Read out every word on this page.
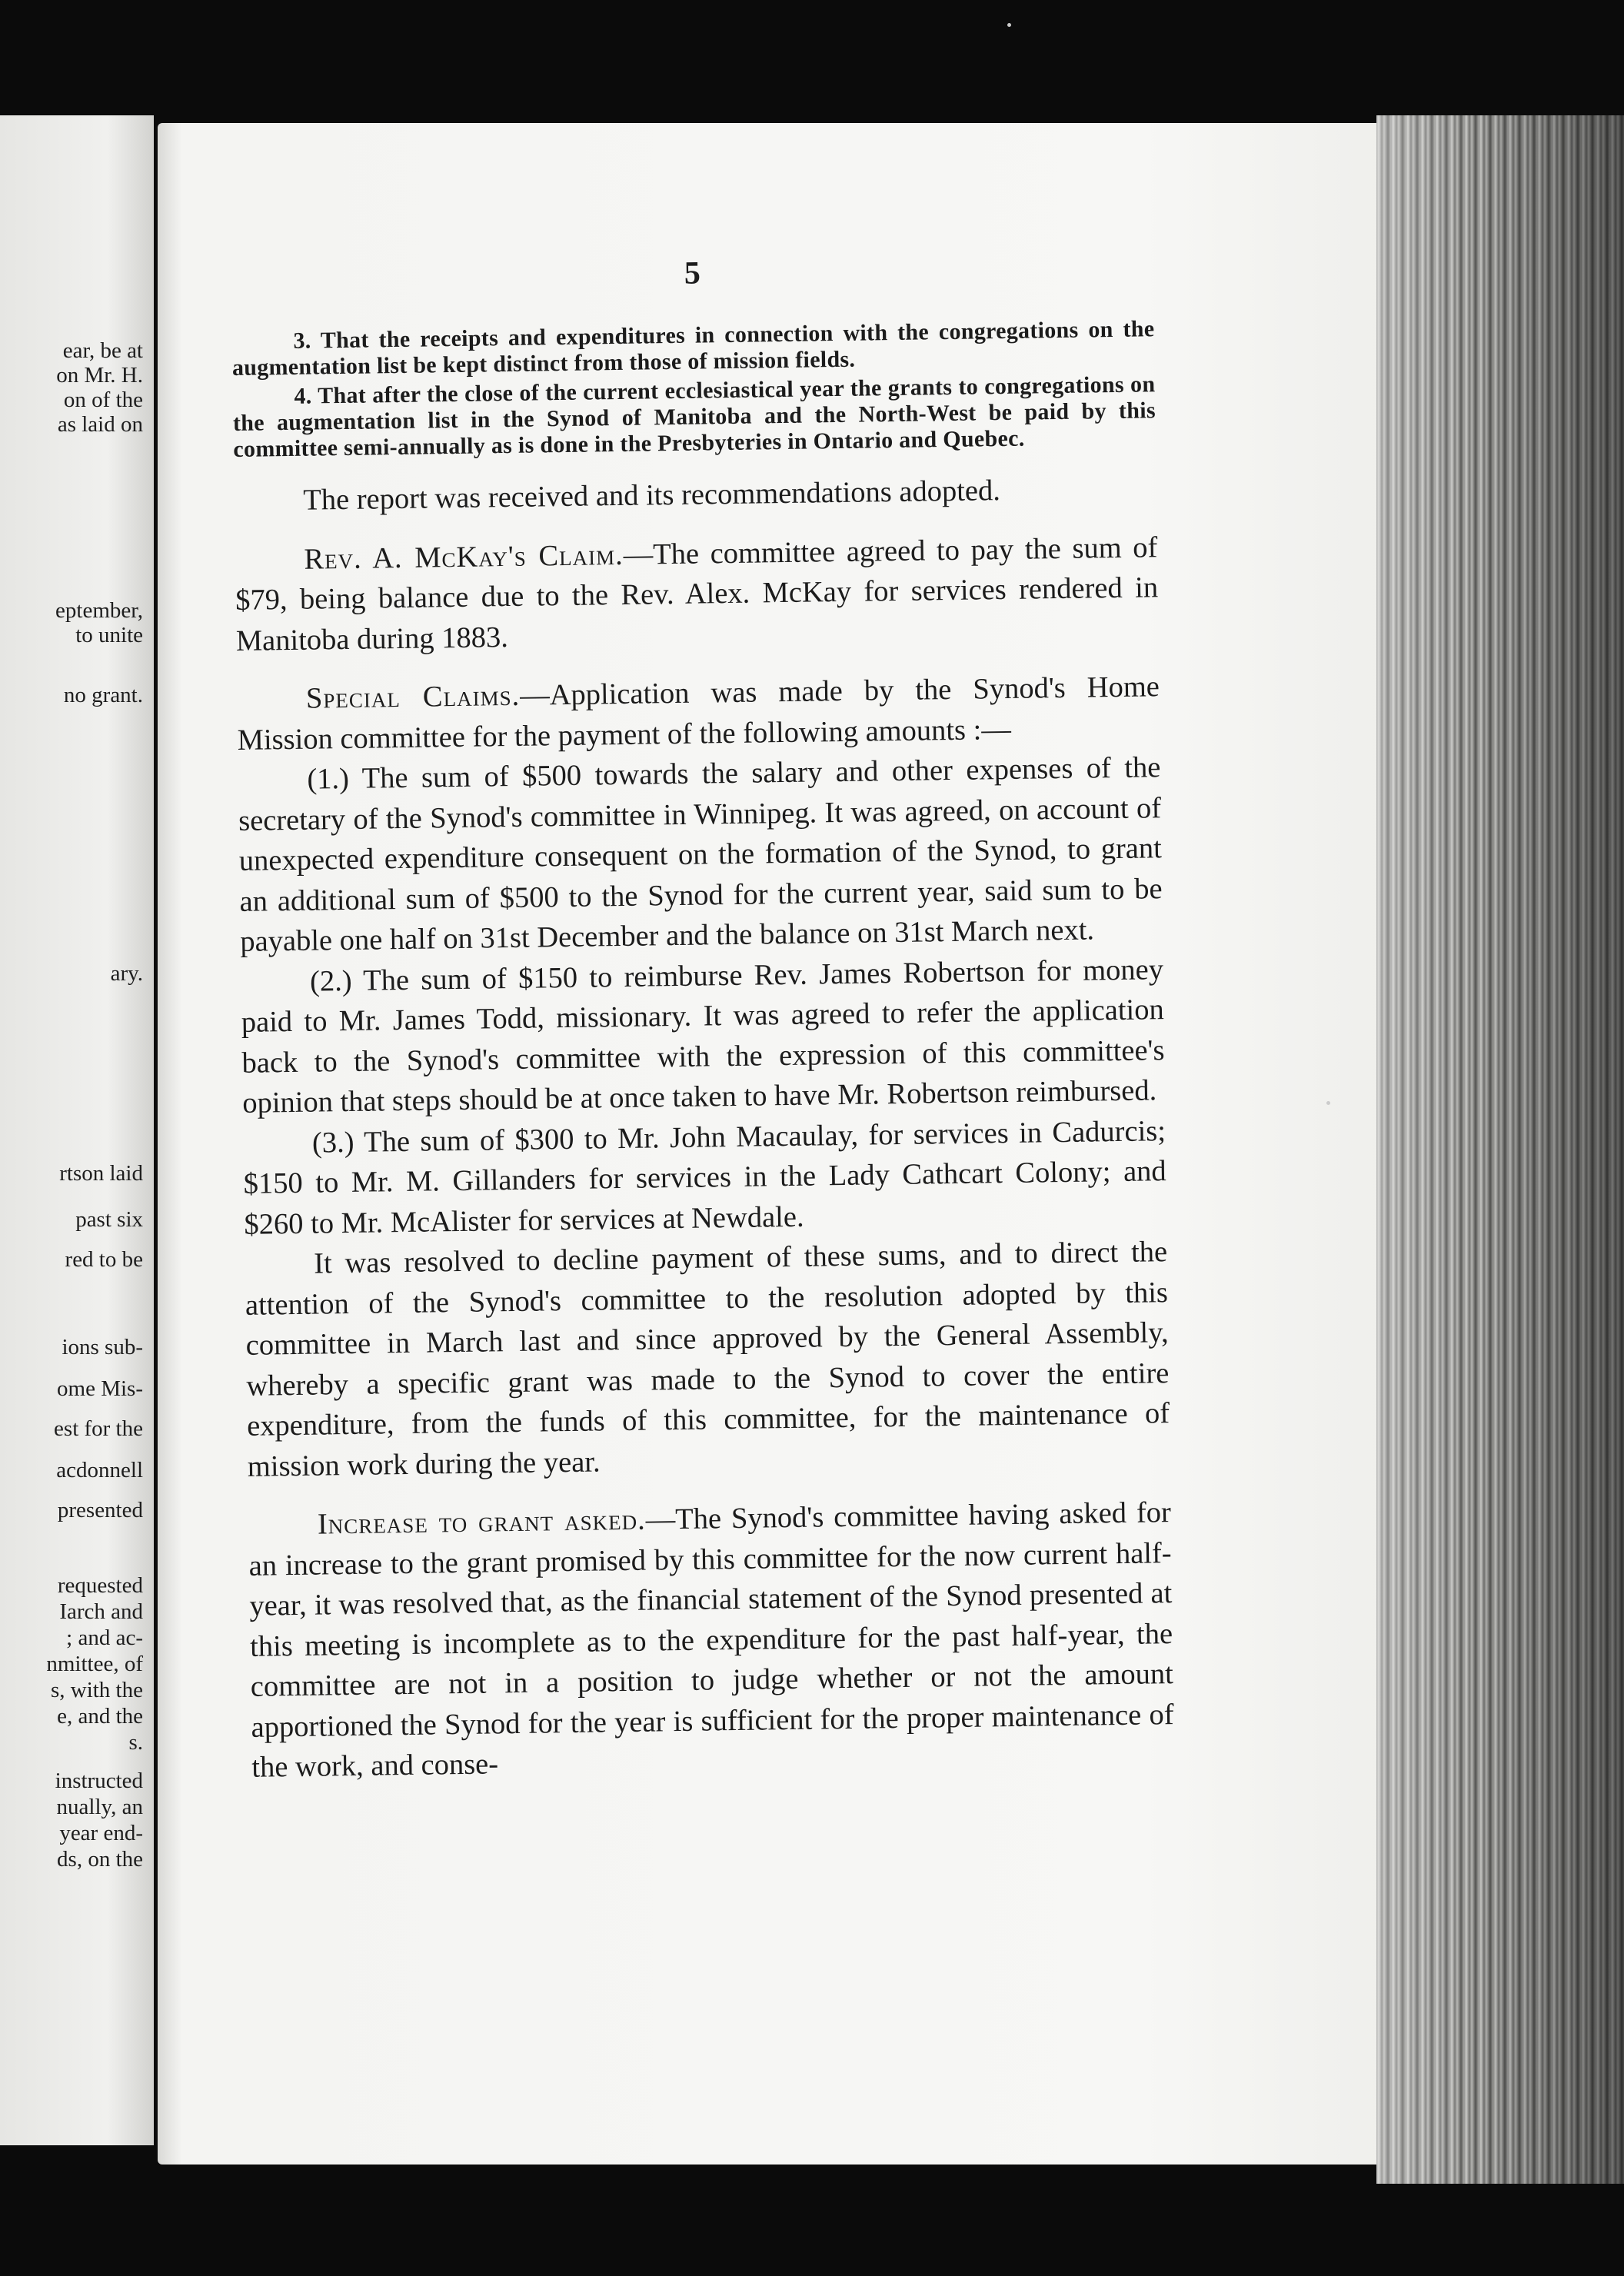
ear, be at
on Mr. H.
on of the
as laid on
eptember,
to unite
no grant.
ary.
rtson laid
past six
red to be
ions sub-
ome Mis-
est for the
acdonnell
presented
requested
Iarch and
; and ac-
nmittee, of
s, with the
e, and the
s.
instructed
nually, an
year end-
ds, on the
5

3. That the receipts and expenditures in connection with the congregations on the augmentation list be kept distinct from those of mission fields.

4. That after the close of the current ecclesiastical year the grants to congregations on the augmentation list in the Synod of Manitoba and the North-West be paid by this committee semi-annually as is done in the Presbyteries in Ontario and Quebec.

The report was received and its recommendations adopted.

Rev. A. McKay's Claim.—The committee agreed to pay the sum of $79, being balance due to the Rev. Alex. McKay for services rendered in Manitoba during 1883.

Special Claims.—Application was made by the Synod's Home Mission committee for the payment of the following amounts :—

(1.) The sum of $500 towards the salary and other expenses of the secretary of the Synod's committee in Winnipeg. It was agreed, on account of unexpected expenditure consequent on the formation of the Synod, to grant an additional sum of $500 to the Synod for the current year, said sum to be payable one half on 31st December and the balance on 31st March next.

(2.) The sum of $150 to reimburse Rev. James Robertson for money paid to Mr. James Todd, missionary. It was agreed to refer the application back to the Synod's committee with the expression of this committee's opinion that steps should be at once taken to have Mr. Robertson reimbursed.

(3.) The sum of $300 to Mr. John Macaulay, for services in Cadurcis; $150 to Mr. M. Gillanders for services in the Lady Cathcart Colony; and $260 to Mr. McAlister for services at Newdale.

It was resolved to decline payment of these sums, and to direct the attention of the Synod's committee to the resolution adopted by this committee in March last and since approved by the General Assembly, whereby a specific grant was made to the Synod to cover the entire expenditure, from the funds of this committee, for the maintenance of mission work during the year.

Increase to grant asked.—The Synod's committee having asked for an increase to the grant promised by this committee for the now current half-year, it was resolved that, as the financial statement of the Synod presented at this meeting is incomplete as to the expenditure for the past half-year, the committee are not in a position to judge whether or not the amount apportioned the Synod for the year is sufficient for the proper maintenance of the work, and conse-
